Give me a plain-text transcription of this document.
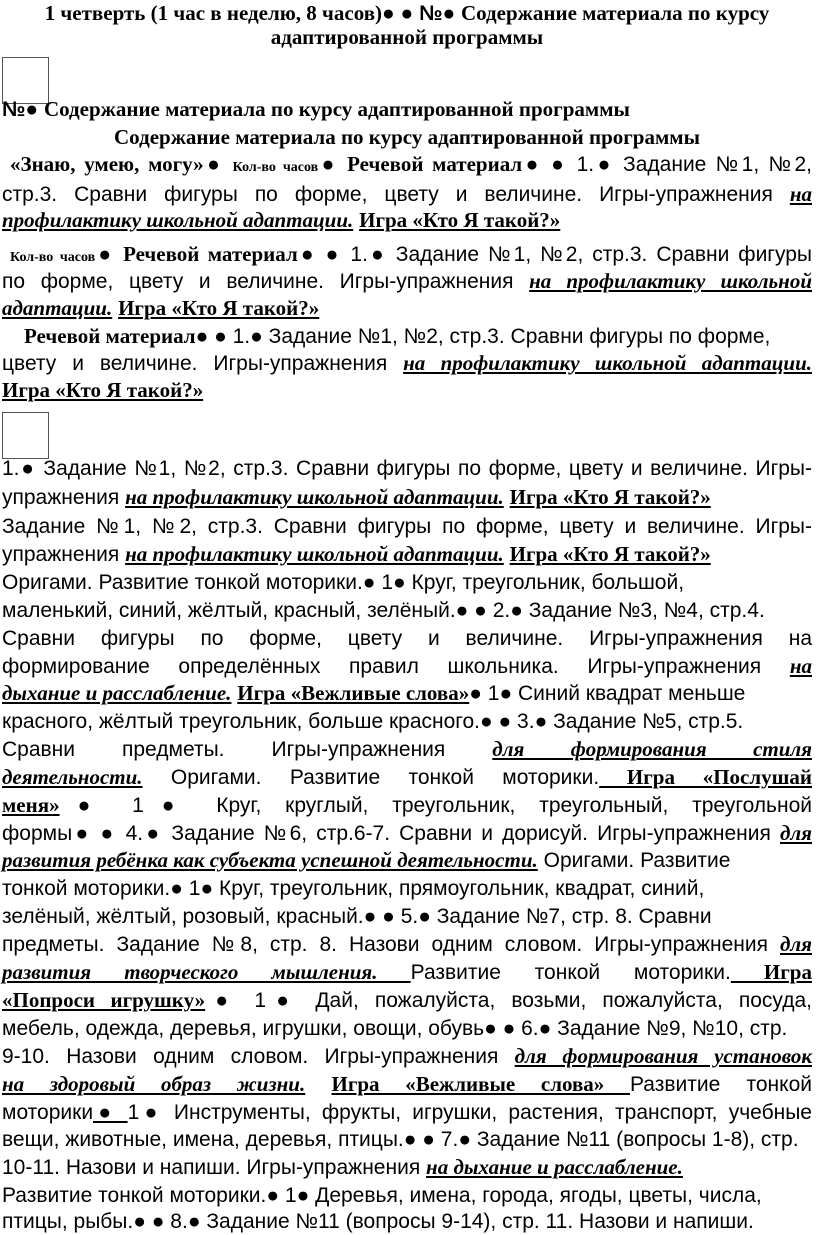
1 четверть (1 час в неделю, 8 часов)● ● №● Содержание материала по курсу
адаптированной программы
№● Содержание материала по курсу адаптированной программы
Содержание материала по курсу адаптированной программы
«Знаю, умею, могу»● Кол-во часов● Речевой материал● ● 1.● Задание №1, №2,
стр.3. Сравни фигуры по форме, цвету и величине. Игры-упражнения на
профилактику школьной адаптации. Игра «Кто Я такой?»
Кол-во часов● Речевой материал● ● 1.● Задание №1, №2, стр.3. Сравни фигуры
по форме, цвету и величине. Игры-упражнения на профилактику школьной
адаптации. Игра «Кто Я такой?»
Речевой материал● ● 1.● Задание №1, №2, стр.3. Сравни фигуры по форме,
цвету и величине. Игры-упражнения на профилактику школьной адаптации.
Игра «Кто Я такой?»
1.● Задание №1, №2, стр.3. Сравни фигуры по форме, цвету и величине. Игры-
упражнения на профилактику школьной адаптации. Игра «Кто Я такой?»
Задание №1, №2, стр.3. Сравни фигуры по форме, цвету и величине. Игры-
упражнения на профилактику школьной адаптации. Игра «Кто Я такой?»
Оригами. Развитие тонкой моторики.● 1● Круг, треугольник, большой,
маленький, синий, жёлтый, красный, зелёный.● ● 2.● Задание №3, №4, стр.4.
Сравни фигуры по форме, цвету и величине. Игры-упражнения на
формирование определённых правил школьника. Игры-упражнения на
дыхание и расслабление. Игра «Вежливые слова»● 1● Синий квадрат меньше
красного, жёлтый треугольник, больше красного.● ● 3.● Задание №5, стр.5.
Сравни предметы. Игры-упражнения для формирования стиля
деятельности. Оригами. Развитие тонкой моторики. Игра «Послушай
меня»● 1● Круг, круглый, треугольник, треугольный, треугольной
формы● ● 4.● Задание №6, стр.6-7. Сравни и дорисуй. Игры-упражнения для
развития ребёнка как субъекта успешной деятельности. Оригами. Развитие
тонкой моторики.● 1● Круг, треугольник, прямоугольник, квадрат, синий,
зелёный, жёлтый, розовый, красный.● ● 5.● Задание №7, стр. 8. Сравни
предметы. Задание №8, стр. 8. Назови одним словом. Игры-упражнения для
развития творческого мышления. Развитие тонкой моторики. Игра
«Попроси игрушку»● 1● Дай, пожалуйста, возьми, пожалуйста, посуда,
мебель, одежда, деревья, игрушки, овощи, обувь● ● 6.● Задание №9, №10, стр.
9-10. Назови одним словом. Игры-упражнения для формирования установок
на здоровый образ жизни. Игра «Вежливые слова» Развитие тонкой
моторики● 1● Инструменты, фрукты, игрушки, растения, транспорт, учебные
вещи, животные, имена, деревья, птицы.● ● 7.● Задание №11 (вопросы 1-8), стр.
10-11. Назови и напиши. Игры-упражнения на дыхание и расслабление.
Развитие тонкой моторики.● 1● Деревья, имена, города, ягоды, цветы, числа,
птицы, рыбы.● ● 8.● Задание №11 (вопросы 9-14), стр. 11. Назови и напиши.
